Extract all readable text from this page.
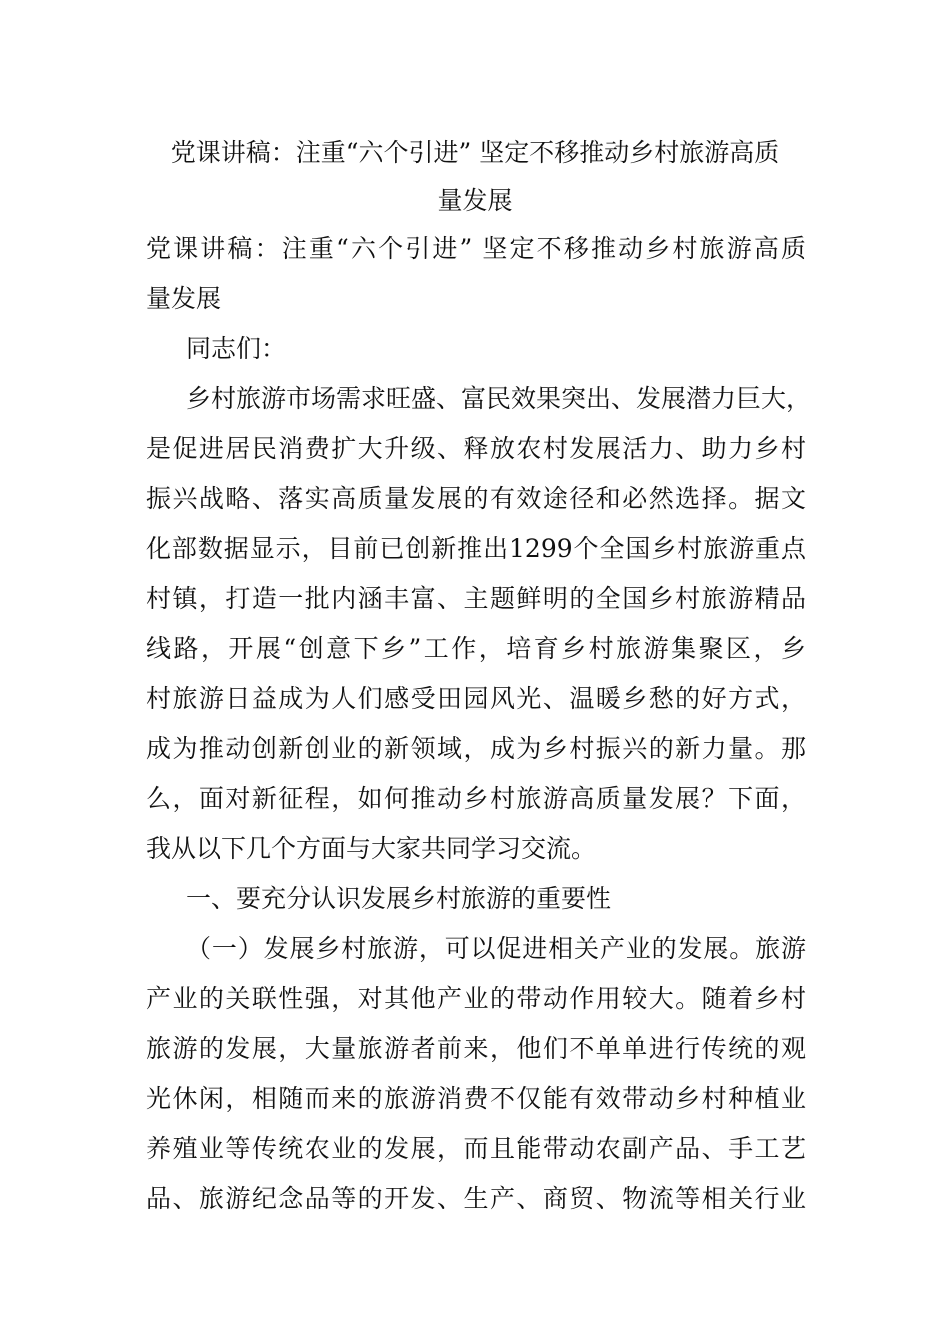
党课讲稿：注重“六个引进” 坚定不移推动乡村旅游高质
量发展
党课讲稿：注重“六个引进” 坚定不移推动乡村旅游高质
量发展
同志们：
乡村旅游市场需求旺盛、富民效果突出、发展潜力巨大，
是促进居民消费扩大升级、释放农村发展活力、助力乡村
振兴战略、落实高质量发展的有效途径和必然选择。据文
化部数据显示，目前已创新推出1299个全国乡村旅游重点
村镇，打造一批内涵丰富、主题鲜明的全国乡村旅游精品
线路，开展“创意下乡”工作，培育乡村旅游集聚区，乡
村旅游日益成为人们感受田园风光、温暖乡愁的好方式，
成为推动创新创业的新领域，成为乡村振兴的新力量。那
么，面对新征程，如何推动乡村旅游高质量发展？下面，
我从以下几个方面与大家共同学习交流。
一、要充分认识发展乡村旅游的重要性
（一）发展乡村旅游，可以促进相关产业的发展。旅游
产业的关联性强，对其他产业的带动作用较大。随着乡村
旅游的发展，大量旅游者前来，他们不单单进行传统的观
光休闲，相随而来的旅游消费不仅能有效带动乡村种植业
养殖业等传统农业的发展，而且能带动农副产品、手工艺
品、旅游纪念品等的开发、生产、商贸、物流等相关行业
